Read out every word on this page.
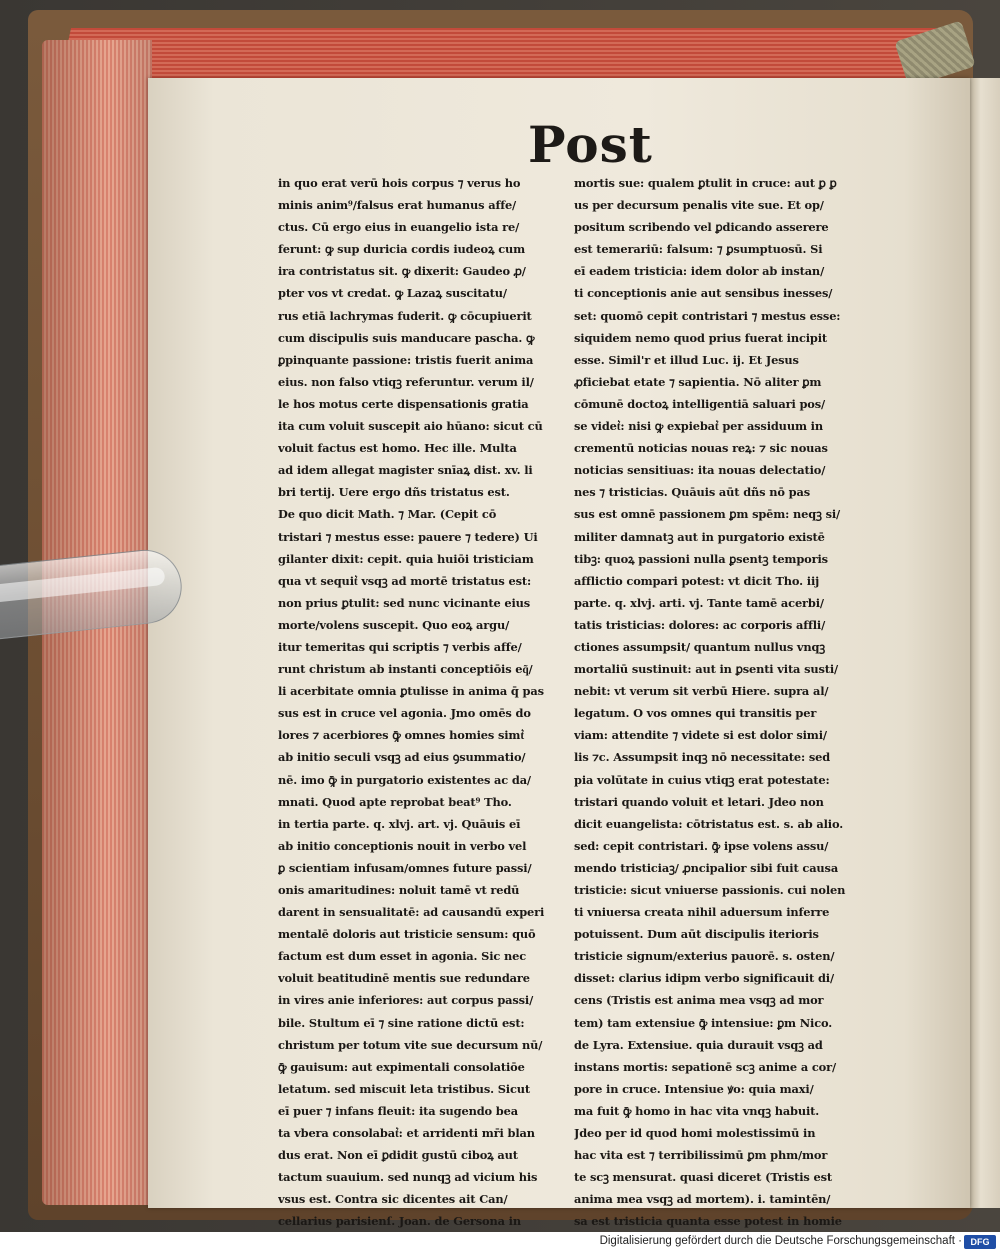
Post
in quo erat verū hois corpus ⁊ verus ho
minis anim⁹/falsus erat humanus affe/
ctus. Cū ergo eius in euangelio ista re/
ferunt: ꝙ sup duricia cordis iudeoꝝ cum
ira contristatus sit. ꝙ dixerit: Gaudeo ꝓ/
pter vos vt credat. ꝙ Lazaꝝ suscitatu/
rus etiā lachrymas fuderit. ꝙ cōcupiuerit
cum discipulis suis manducare pascha. ꝙ
ꝑpinquante passione: tristis fuerit anima
eius. non falso vtiqꝫ referuntur. verum il/
le hos motus certe dispensationis gratia
ita cum voluit suscepit aio hūano: sicut cū
voluit factus est homo. Hec ille. Multa
ad idem allegat magister snīaꝝ dist. xv. li
bri tertij. Uere ergo dñs tristatus est.
De quo dicit Math. ⁊ Mar. (Cepit cō
tristari ⁊ mestus esse: pauere ⁊ tedere) Ui
gilanter dixit: cepit. quia huiōi tristiciam
qua vt sequit͛ vsqꝫ ad mortē tristatus est:
non prius ꝑtulit: sed nunc vicinante eius
morte/volens suscepit. Quo eoꝝ argu/
itur temeritas qui scriptis ⁊ verbis affe/
runt christum ab instanti conceptiōis eq͂/
li acerbitate omnia ꝑtulisse in anima q̄ pas
sus est in cruce vel agonia. Jmo omēs do
lores ⁊ acerbiores ꝙ̄ omnes homies simt͛
ab initio seculi vsqꝫ ad eius ꝯsummatio/
nē. imo ꝙ̄ in purgatorio existentes ac da/
mnati. Quod apte reprobat beat⁹ Tho.
in tertia parte. q. xlvj. art. vj. Quāuis eī
ab initio conceptionis nouit in verbo vel
ꝑ scientiam infusam/omnes future passi/
onis amaritudines: noluit tamē vt redū
darent in sensualitatē: ad causandū experi
mentalē doloris aut tristicie sensum: quō
factum est dum esset in agonia. Sic nec
voluit beatitudinē mentis sue redundare
in vires anie inferiores: aut corpus passi/
bile. Stultum eī ⁊ sine ratione dictū est:
christum per totum vite sue decursum nū/
ꝙ̄ gauisum: aut expimentali consolatiōe
letatum. sed miscuit leta tristibus. Sicut
eī puer ⁊ infans fleuit: ita sugendo bea
ta vbera consolabat͛: et arridenti mr̄i blan
dus erat. Non eī ꝑdidit gustū ciboꝝ aut
tactum suauium. sed nunqꝫ ad vicium his
vsus est. Contra sic dicentes ait Can/
cellarius parisienſ. Joan. de Gersona in
mortis sue: qualem ꝑtulit in cruce: aut ꝑ ꝑ
us per decursum penalis vite sue. Et op/
positum scribendo vel ꝑdicando asserere
est temerariū: falsum: ⁊ ꝑsumptuosū. Si
eī eadem tristicia: idem dolor ab instan/
ti conceptionis anie aut sensibus inesses/
set: quomō cepit contristari ⁊ mestus esse:
siquidem nemo quod prius fuerat incipit
esse. Simil'r et illud Luc. ij. Et Jesus
ꝓficiebat etate ⁊ sapientia. Nō aliter ꝑm
cōmunē doctoꝝ intelligentiā saluari pos/
se videt͛: nisi ꝙ expiebat͛ per assiduum in
crementū noticias nouas reꝝ: ⁊ sic nouas
noticias sensitiuas: ita nouas delectatio/
nes ⁊ tristicias. Quāuis aūt dñs nō pas
sus est omnē passionem ꝑm spēm: neqꝫ si/
militer damnatꝫ aut in purgatorio existē
tibꝫ: quoꝝ passioni nulla ꝑsentꝫ temporis
afflictio compari potest: vt dicit Tho. iij
parte. q. xlvj. arti. vj. Tante tamē acerbi/
tatis tristicias: dolores: ac corporis affli/
ctiones assumpsit/ quantum nullus vnqꝫ
mortaliū sustinuit: aut in ꝑsenti vita susti/
nebit: vt verum sit verbū Hiere. supra al/
legatum. O vos omnes qui transitis per
viam: attendite ⁊ videte si est dolor simi/
lis ⁊c. Assumpsit inqꝫ nō necessitate: sed
pia volūtate in cuius vtiqꝫ erat potestate:
tristari quando voluit et letari. Jdeo non
dicit euangelista: cōtristatus est. s. ab alio.
sed: cepit contristari. ꝙ̄ ipse volens assu/
mendo tristiciaꝫ/ ꝓncipalior sibi fuit causa
tristicie: sicut vniuerse passionis. cui nolen
ti vniuersa creata nihil aduersum inferre
potuissent. Dum aūt discipulis iterioris
tristicie signum/exterius pauorē. s. osten/
disset: clarius idipm verbo significauit di/
cens (Tristis est anima mea vsqꝫ ad mor
tem) tam extensiue ꝙ̄ intensiue: ꝑm Nico.
de Lyra. Extensiue. quia durauit vsqꝫ ad
instans mortis: sepationē scꝫ anime a cor/
pore in cruce. Intensiue ꝟo: quia maxi/
ma fuit ꝙ̄ homo in hac vita vnqꝫ habuit.
Jdeo per id quod homi molestissimū in
hac vita est ⁊ terribilissimū ꝑm phm/mor
te scꝫ mensurat. quasi diceret (Tristis est
anima mea vsqꝫ ad mortem). i. tamintēn/
sa est tristicia quanta esse potest in homie
Digitalisierung gefördert durch die Deutsche Forschungsgemeinschaft · DFG
